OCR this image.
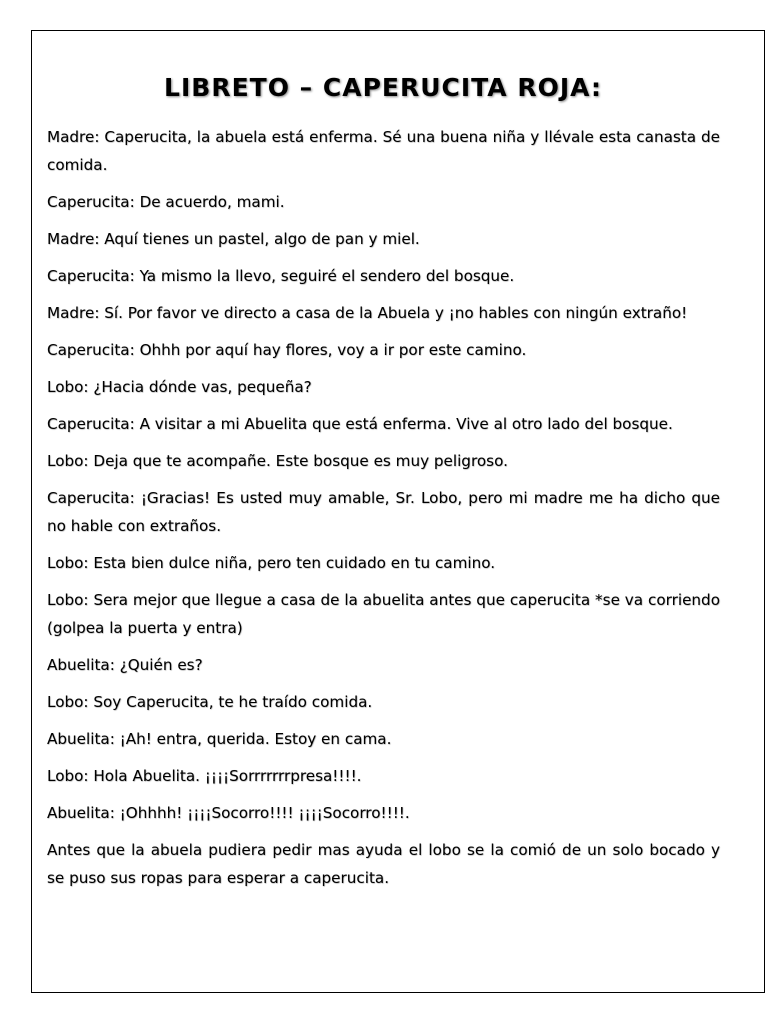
LIBRETO – CAPERUCITA ROJA:

Madre : Caperucita, la abuela está enferma. Sé una buena niña y llévale esta canasta de comida.

Caperucita : De acuerdo, mami.

Madre : Aquí tienes un pastel, algo de pan y miel.

Caperucita : Ya mismo la llevo, seguiré el sendero del bosque.

Madre : Sí. Por favor ve directo a casa de la Abuela y ¡no hables con ningún extraño!

Caperucita : Ohhh por aquí hay flores, voy a ir por este camino.

Lobo : ¿Hacia dónde vas, pequeña?

Caperucita : A visitar a mi Abuelita que está enferma. Vive al otro lado del bosque.

Lobo : Deja que te acompañe. Este bosque es muy peligroso.

Caperucita : ¡Gracias! Es usted muy amable, Sr. Lobo, pero mi madre me ha dicho que no hable con extraños.

Lobo : Esta bien dulce niña, pero ten cuidado en tu camino.

Lobo : Sera mejor que llegue a casa de la abuelita antes que caperucita *se va corriendo (golpea la puerta y entra)

Abuelita : ¿Quién es?

Lobo : Soy Caperucita, te he traído comida.

Abuelita : ¡Ah! entra, querida. Estoy en cama.

Lobo : Hola Abuelita. ¡¡¡¡Sorrrrrrrpresa!!!!.

Abuelita : ¡Ohhhh! ¡¡¡¡Socorro!!!! ¡¡¡¡Socorro!!!!.

Antes que la abuela pudiera pedir mas ayuda el lobo se la comió de un solo bocado y se puso sus ropas para esperar a caperucita.
